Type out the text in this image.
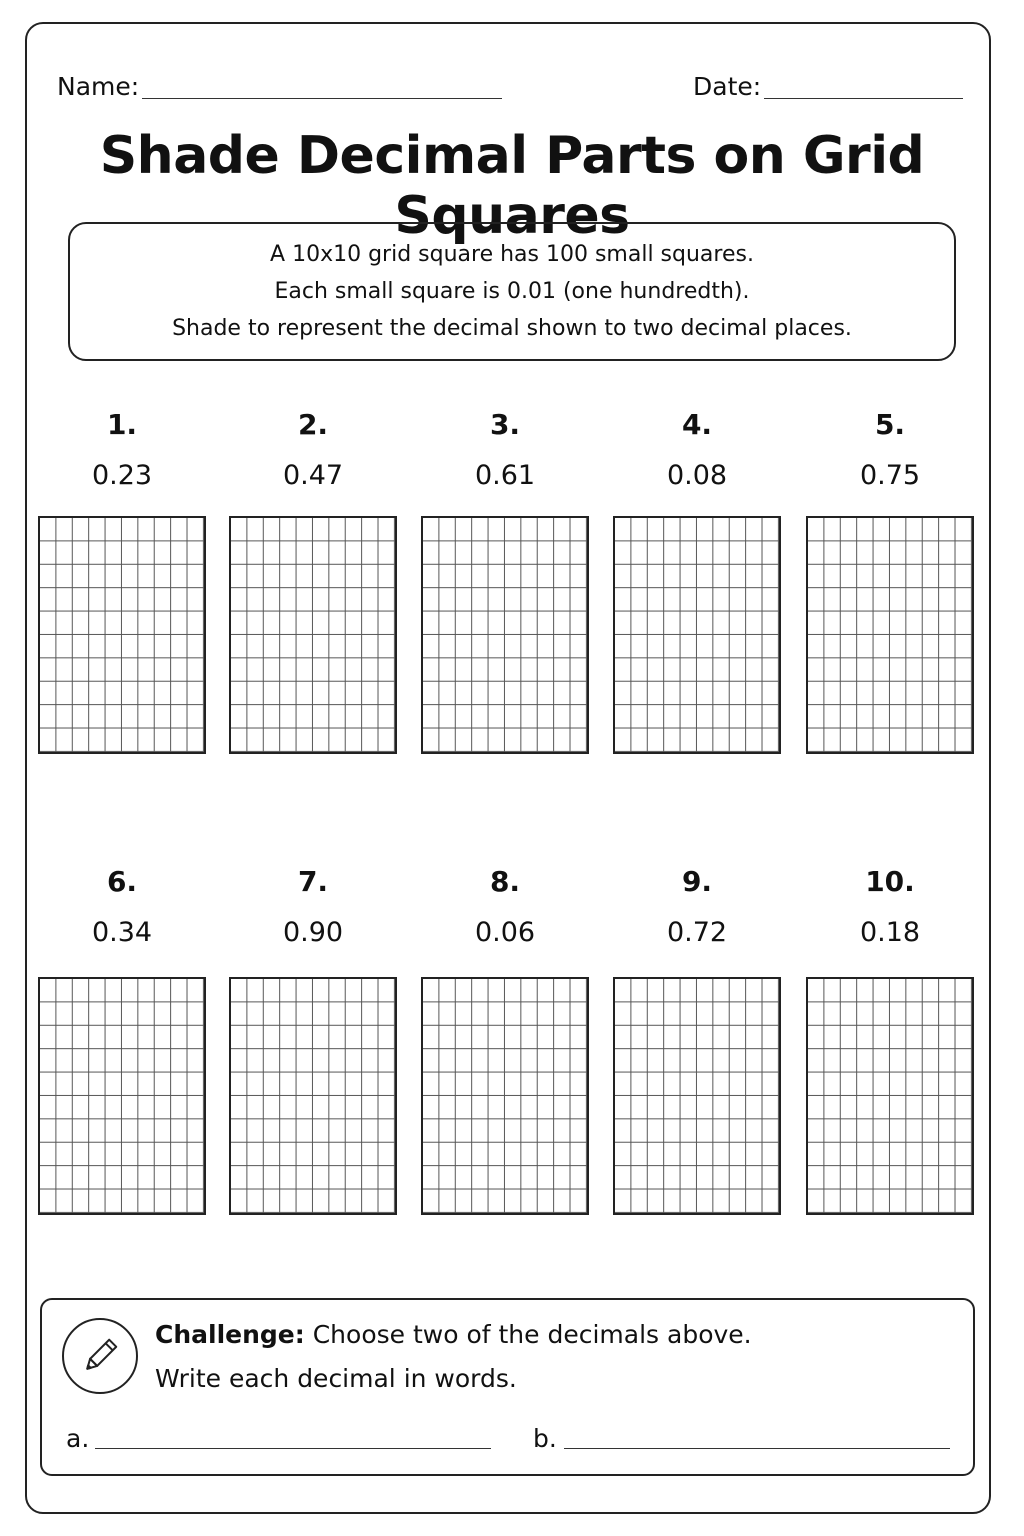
Name:	Date:
Shade Decimal Parts on Grid Squares
A 10x10 grid square has 100 small squares.
Each small square is 0.01 (one hundredth).
Shade to represent the decimal shown to two decimal places.
1.
0.23
2.
0.47
3.
0.61
4.
0.08
5.
0.75
6.
0.34
7.
0.90
8.
0.06
9.
0.72
10.
0.18
Challenge: Choose two of the decimals above.
Write each decimal in words.
a.	b.
